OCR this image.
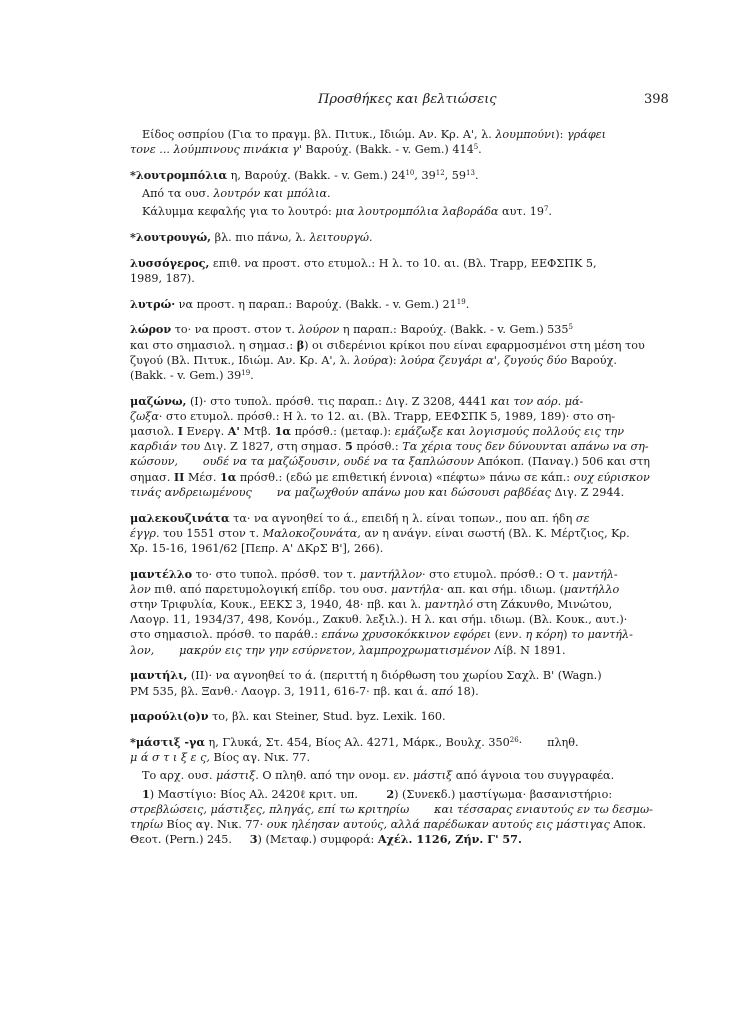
Προσθήκες και βελτιώσεις	398

Είδος οσπρίου (Για το πραγμ. βλ. Πιτυκ., Ιδιώμ. Αν. Κρ. Α', λ. λουμπούνι): γράφει
τονε ... λούμπινους πινάκια γ' Βαρούχ. (Bakk. - v. Gem.) $414^5$.

*λουτρομπόλια η, Βαρούχ. (Bakk. - v. Gem.) $24^{10}$, $39^{12}$, $59^{13}$.

Από τα ουσ. λουτρόν και μπόλια.

Κάλυμμα κεφαλής για το λουτρό: μια λουτρομπόλια λαβοράδα αυτ. $19^7$.

*λουτρουγώ, βλ. πιο πάνω, λ. λειτουργώ.

λυσσόγερος, επιθ. να προστ. στο ετυμολ.: Η λ. το 10. αι. (Βλ. Trapp, ΕΕΦΣΠΚ 5,
1989, 187).

λυτρώ· να προστ. η παραπ.: Βαρούχ. (Bakk. - v. Gem.) $21^{19}$.

λώρον το· να προστ. στον τ. λούρον η παραπ.: Βαρούχ. (Bakk. - v. Gem.) $535^5$
και στο σημασιολ. η σημασ.: β) οι σιδερένιοι κρίκοι που είναι εφαρμοσμένοι στη μέση του
ζυγού (Βλ. Πιτυκ., Ιδιώμ. Αν. Κρ. Α', λ. λούρα): λούρα ζευγάρι α', ζυγούς δύο Βαρούχ.
(Bakk. - v. Gem.) $39^{19}$.

μαζώνω, (Ι)· στο τυπολ. πρόσθ. τις παραπ.: Διγ. Ζ 3208, 4441 και τον αόρ. μά-
ζωξα· στο ετυμολ. πρόσθ.: Η λ. το 12. αι. (Βλ. Trapp, ΕΕΦΣΠΚ 5, 1989, 189)· στο ση-
μασιολ. Ι Ενεργ. Α' Μτβ. 1α πρόσθ.: (μεταφ.): εμάζωξε και λογισμούς πολλούς εις την
καρδιάν του Διγ. Ζ 1827, στη σημασ. 5 πρόσθ.: Τα χέρια τους δεν δύνουνται απάνω να ση-
κώσουν,       ουδέ να τα μαζώξουσιν, ουδέ να τα ξαπλώσουν Απόκοπ. (Παναγ.) 506 και στη
σημασ. ΙΙ Μέσ. 1α πρόσθ.: (εδώ με επιθετική έννοια) «πέφτω» πάνω σε κάπ.: ουχ εύρισκον
τινάς ανδρειωμένους       να μαζωχθούν απάνω μου και δώσουσι ραβδέας Διγ. Ζ 2944.

μαλεκουζινάτα τα· να αγνοηθεί το ά., επειδή η λ. είναι τοπων., που απ. ήδη σε
έγγρ. του 1551 στον τ. Μαλοκοζουνάτα, αν η ανάγν. είναι σωστή (Βλ. Κ. Μέρτζιος, Κρ.
Χρ. 15-16, 1961/62 [Πεπρ. Α' ΔΚρΣ Β'], 266).

μαντέλλο το· στο τυπολ. πρόσθ. τον τ. μαντήλλον· στο ετυμολ. πρόσθ.: Ο τ. μαντήλ-
λον πιθ. από παρετυμολογική επίδρ. του ουσ. μαντήλα· απ. και σήμ. ιδιωμ. (μαντήλλο
στην Τριφυλία, Κουκ., ΕΕΚΣ 3, 1940, 48· πβ. και λ. μαντηλό στη Ζάκυνθο, Μινώτου,
Λαογρ. 11, 1934/37, 498, Κονόμ., Ζακυθ. λεξιλ.). Η λ. και σήμ. ιδιωμ. (Βλ. Κουκ., αυτ.)·
στο σημασιολ. πρόσθ. το παράθ.: επάνω χρυσοκόκκινον εφόρει (ενν. η κόρη) το μαντήλ-
λον,       μακρύν εις την γην εσύρνετον, λαμπροχρωματισμένον Λίβ. Ν 1891.

μαντήλι, (ΙΙ)· να αγνοηθεί το ά. (περιττή η διόρθωση του χωρίου Σαχλ. Β' (Wagn.)
PM 535, βλ. Ξανθ.· Λαογρ. 3, 1911, 616-7· πβ. και ά. από 18).

μαρούλι(ο)ν το, βλ. και Steiner, Stud. byz. Lexik. 160.

*μάστιξ -γα η, Γλυκά, Στ. 454, Βίος Αλ. 4271, Μάρκ., Βουλχ. $350^{26}\cdot$       πληθ.
μ ά σ τ ι ξ ε ς, Βίος αγ. Νικ. 77.

Το αρχ. ουσ. μάστιξ. Ο πληθ. από την ονομ. εν. μάστιξ από άγνοια του συγγραφέα.

1) Μαστίγιο: Βίος Αλ. 2420ℓ κριτ. υπ.        2) (Συνεκδ.) μαστίγωμα· βασανιστήριο:
στρεβλώσεις, μάστιξες, πληγάς, επί τω κριτηρίω       και τέσσαρας ενιαυτούς εν τω δεσμω-
τηρίω Βίος αγ. Νικ. 77· ουκ ηλέησαν αυτούς, αλλά παρέδωκαν αυτούς εις μάστιγας Αποκ.
Θεοτ. (Pern.) 245.     3) (Μεταφ.) συμφορά: Αχέλ. 1126, Ζήν. Γ' 57.
